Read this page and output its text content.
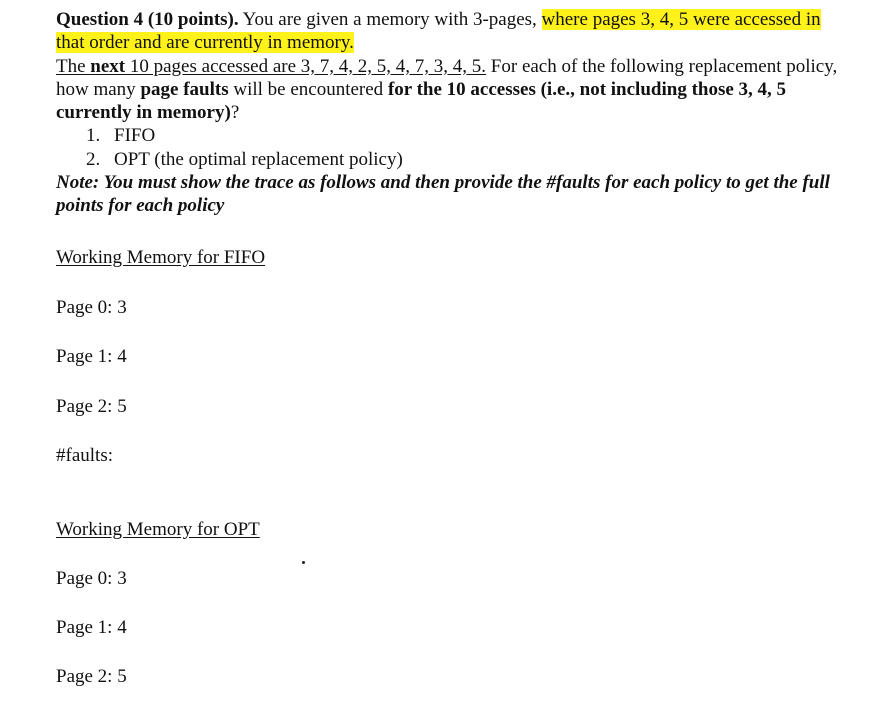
Question 4 (10 points). You are given a memory with 3-pages, where pages 3, 4, 5 were accessed in that order and are currently in memory.
The next 10 pages accessed are 3, 7, 4, 2, 5, 4, 7, 3, 4, 5. For each of the following replacement policy, how many page faults will be encountered for the 10 accesses (i.e., not including those 3, 4, 5 currently in memory)?
1. FIFO
2. OPT (the optimal replacement policy)
Note: You must show the trace as follows and then provide the #faults for each policy to get the full points for each policy
Working Memory for FIFO
Page 0: 3
Page 1: 4
Page 2: 5
#faults:
Working Memory for OPT
Page 0: 3
Page 1: 4
Page 2: 5
